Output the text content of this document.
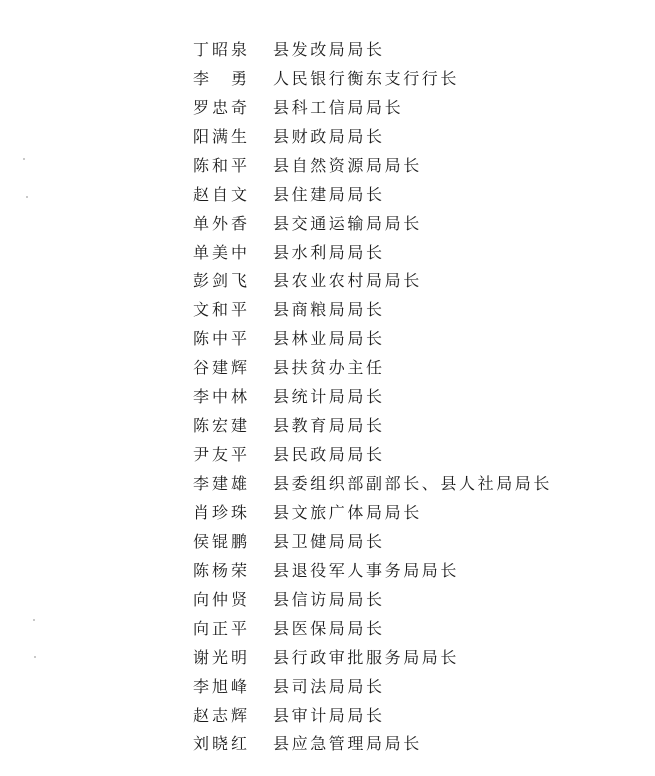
丁昭泉	县发改局局长
李　勇	人民银行衡东支行行长
罗忠奇	县科工信局局长
阳满生	县财政局局长
陈和平	县自然资源局局长
赵自文	县住建局局长
单外香	县交通运输局局长
单美中	县水利局局长
彭剑飞	县农业农村局局长
文和平	县商粮局局长
陈中平	县林业局局长
谷建辉	县扶贫办主任
李中林	县统计局局长
陈宏建	县教育局局长
尹友平	县民政局局长
李建雄	县委组织部副部长、县人社局局长
肖珍珠	县文旅广体局局长
侯锟鹏	县卫健局局长
陈杨荣	县退役军人事务局局长
向仲贤	县信访局局长
向正平	县医保局局长
谢光明	县行政审批服务局局长
李旭峰	县司法局局长
赵志辉	县审计局局长
刘晓红	县应急管理局局长
